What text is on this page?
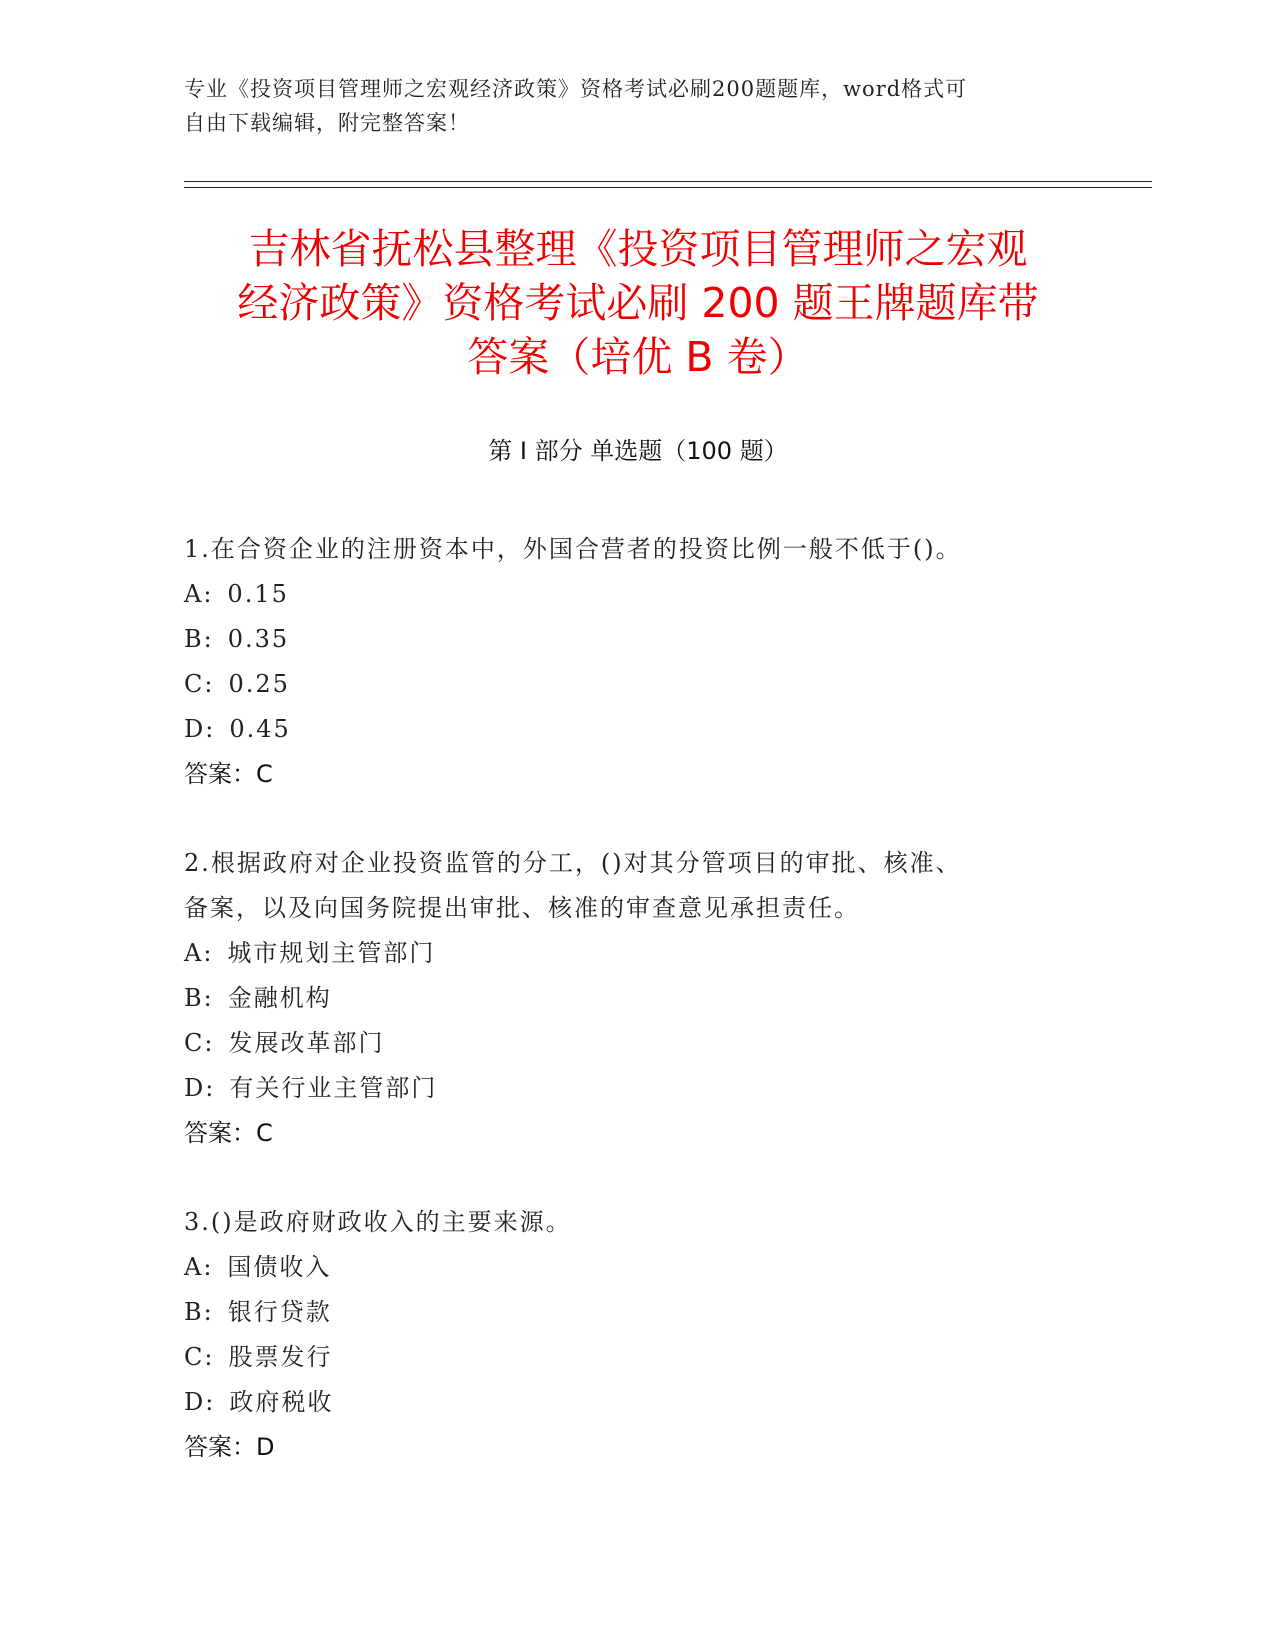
专业《投资项目管理师之宏观经济政策》资格考试必刷200题题库，word格式可
自由下载编辑，附完整答案！
吉林省抚松县整理《投资项目管理师之宏观
经济政策》资格考试必刷 200 题王牌题库带
答案（培优 B 卷）
第 I 部分 单选题（100 题）

1.在合资企业的注册资本中，外国合营者的投资比例一般不低于()。

A: 0.15

B: 0.35

C: 0.25

D: 0.45

答案：C

2.根据政府对企业投资监管的分工，()对其分管项目的审批、核准、

备案，以及向国务院提出审批、核准的审查意见承担责任。

A: 城市规划主管部门

B: 金融机构

C: 发展改革部门

D: 有关行业主管部门

答案：C

3.()是政府财政收入的主要来源。

A: 国债收入

B: 银行贷款

C: 股票发行

D: 政府税收

答案：D
